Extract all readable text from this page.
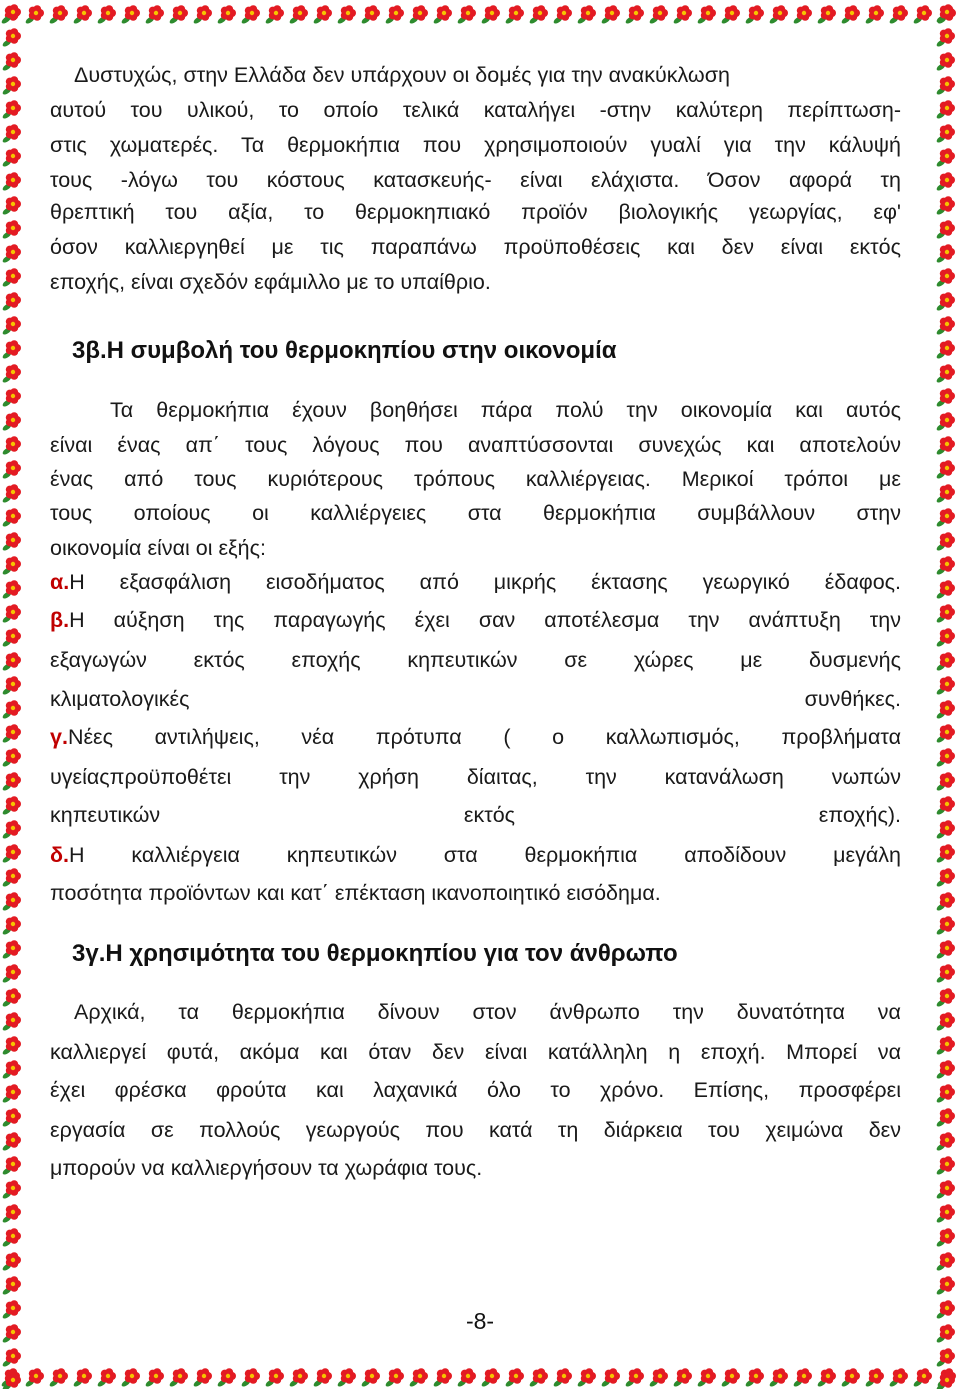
Δυστυχώς, στην Ελλάδα δεν υπάρχουν οι δομές για την ανακύκλωση
αυτού του υλικού, το οποίο τελικά καταλήγει -στην καλύτερη περίπτωση-
στις χωματερές. Τα θερμοκήπια που χρησιμοποιούν γυαλί για την κάλυψή
τους -λόγω του κόστους κατασκευής- είναι ελάχιστα. Όσον αφορά τη
θρεπτική του αξία, το θερμοκηπιακό προϊόν βιολογικής γεωργίας, εφ'
όσον καλλιεργηθεί με τις παραπάνω προϋποθέσεις και δεν είναι εκτός
εποχής, είναι σχεδόν εφάμιλλο με το υπαίθριο.
3β.Η συμβολή του θερμοκηπίου στην οικονομία
Τα θερμοκήπια έχουν βοηθήσει πάρα πολύ την οικονομία και αυτός
είναι ένας απ΄ τους λόγους που αναπτύσσονται συνεχώς και αποτελούν
ένας από τους κυριότερους τρόπους καλλιέργειας. Μερικοί τρόποι με
τους οποίους οι καλλιέργειες στα θερμοκήπια συμβάλλουν στην
οικονομία είναι οι εξής:
α.Η εξασφάλιση εισοδήματος από μικρής έκτασης γεωργικό έδαφος.
β.Η αύξηση της παραγωγής έχει σαν αποτέλεσμα την ανάπτυξη την
εξαγωγών εκτός εποχής κηπευτικών σε χώρες με δυσμενής
κλιματολογικές συνθήκες.
γ.Νέες αντιλήψεις, νέα πρότυπα ( ο καλλωπισμός, προβλήματα
υγείαςπροϋποθέτει την χρήση δίαιτας, την κατανάλωση νωπών
κηπευτικών εκτός εποχής).
δ.Η καλλιέργεια κηπευτικών στα θερμοκήπια αποδίδουν μεγάλη
ποσότητα προϊόντων και κατ΄ επέκταση ικανοποιητικό εισόδημα.
3γ.Η χρησιμότητα του θερμοκηπίου για τον άνθρωπο
Αρχικά, τα θερμοκήπια δίνουν στον άνθρωπο την δυνατότητα να
καλλιεργεί φυτά, ακόμα και όταν δεν είναι κατάλληλη η εποχή. Μπορεί να
έχει φρέσκα φρούτα και λαχανικά όλο το χρόνο. Επίσης, προσφέρει
εργασία σε πολλούς γεωργούς που κατά τη διάρκεια του χειμώνα δεν
μπορούν να καλλιεργήσουν τα χωράφια τους.
-8-
